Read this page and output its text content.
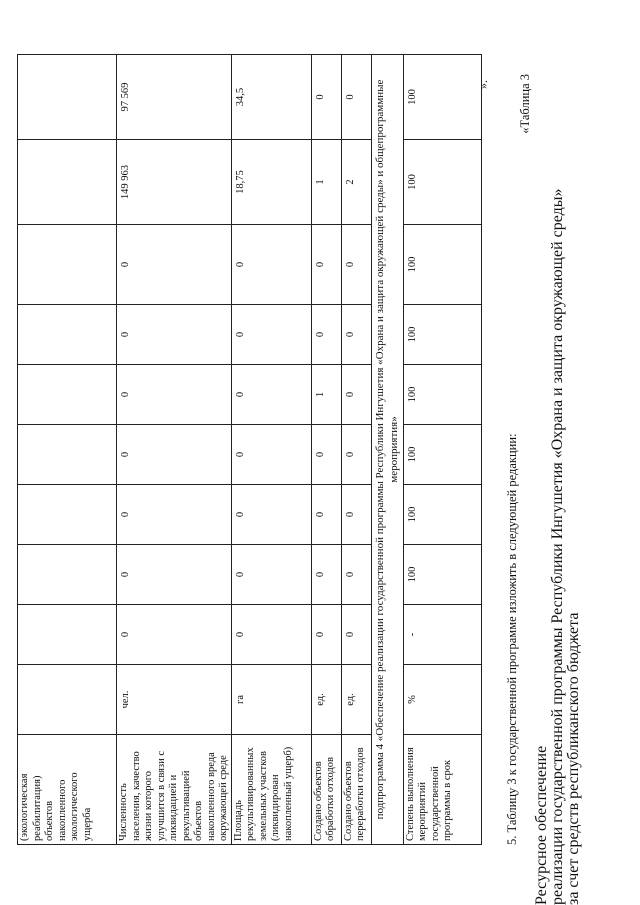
(экологическая реабилитация) объектов накопленного экологического ущерба										
Численность населения, качество жизни которого улучшится в связи с ликвидацией и рекультивацией объектов накопленного вреда окружающей среде	чел.	0	0	0	0	0	0	0	149 963	97 569
Площадь рекультивированных земельных участков (ликвидирован накопленный ущерб)	га	0	0	0	0	0	0	0	18,75	34,5
Создано объектов обработки отходов	ед.	0	0	0	0	1	0	0	1	0
Создано объектов переработки отходов	ед.	0	0	0	0	0	0	0	2	0
подпрограмма 4 «Обеспечение реализации государственной программы Республики Ингушетия «Охрана и защита окружающей среды» и общепрограммные мероприятия»										
Степень выполнения мероприятий государственной программы в срок	%	-	100	100	100	100	100	100	100	100
».
5. Таблицу 3 к государственной программе изложить в следующей редакции:
«Таблица 3
Ресурсное обеспечение реализации государственной программы Республики Ингушетия «Охрана и защита окружающей среды» за счет средств республиканского бюджета
